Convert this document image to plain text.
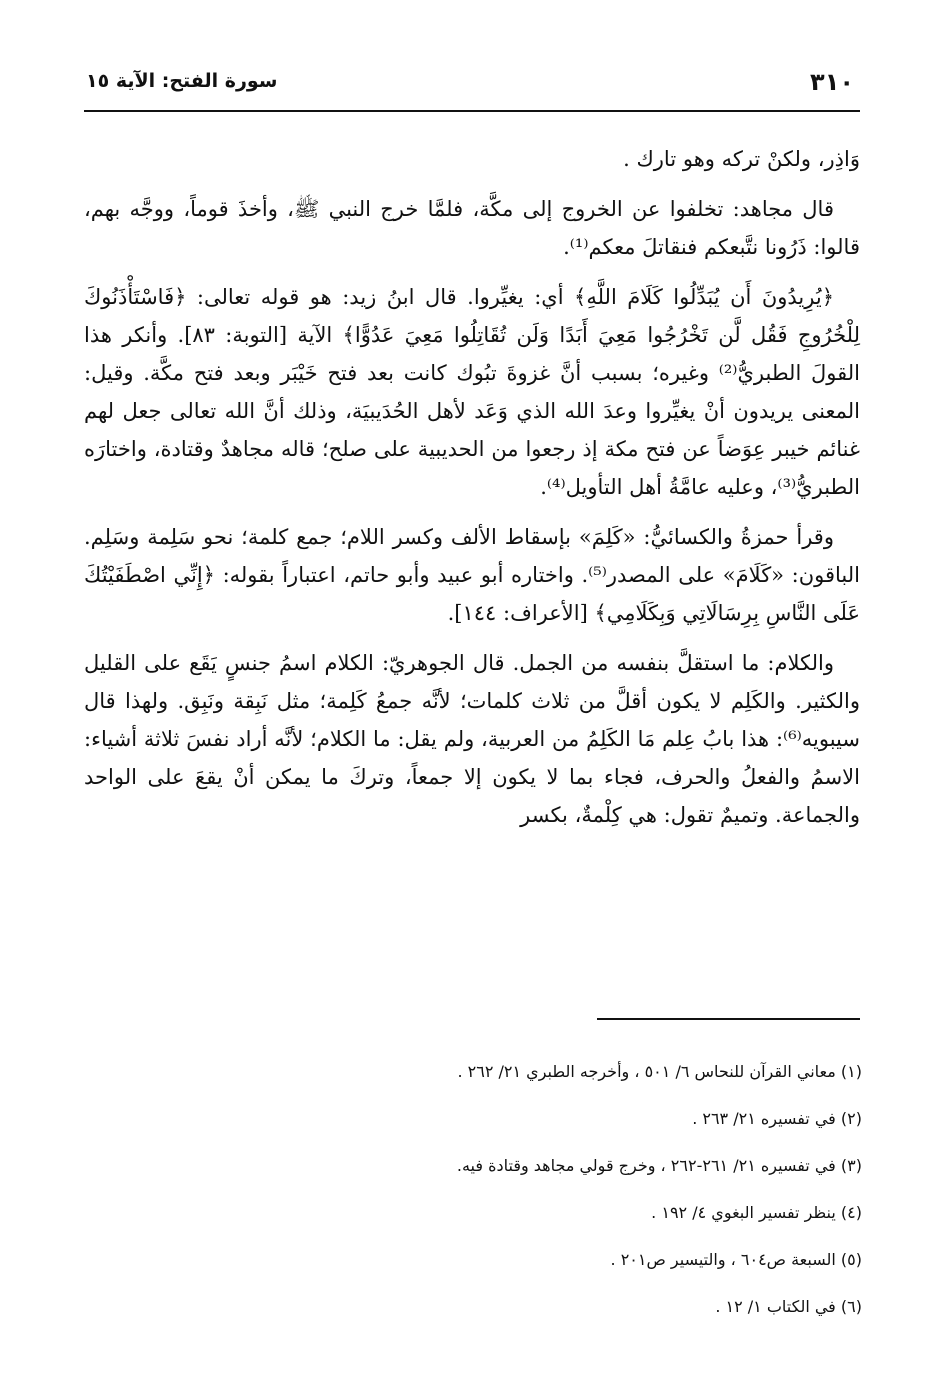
٣١٠
سورة الفتح: الآية ١٥

وَاذِر، ولكنْ تركه وهو تارك .

قال مجاهد: تخلفوا عن الخروج إلى مكَّة، فلمَّا خرج النبي ﷺ، وأخذَ قوماً، ووجَّه بهم، قالوا: ذَرُونا نتَّبعكم فنقاتلَ معكم⁽¹⁾.

﴿يُرِيدُونَ أَن يُبَدِّلُوا كَلَامَ اللَّهِ﴾ أي: يغيِّروا. قال ابنُ زيد: هو قوله تعالى: ﴿فَاسْتَأْذَنُوكَ لِلْخُرُوجِ فَقُل لَّن تَخْرُجُوا مَعِيَ أَبَدًا وَلَن تُقَاتِلُوا مَعِيَ عَدُوًّا﴾ الآية [التوبة: ٨٣]. وأنكر هذا القولَ الطبريُّ⁽²⁾ وغيره؛ بسبب أنَّ غزوةَ تبُوك كانت بعد فتح خَيْبَر وبعد فتح مكَّة. وقيل: المعنى يريدون أنْ يغيِّروا وعدَ الله الذي وَعَد لأهل الحُدَيبيَة، وذلك أنَّ الله تعالى جعل لهم غنائم خيبر عِوَضاً عن فتح مكة إذ رجعوا من الحديبية على صلح؛ قاله مجاهدٌ وقتادة، واختارَه الطبريُّ⁽³⁾، وعليه عامَّةُ أهل التأويل⁽⁴⁾.

وقرأ حمزةُ والكسائيُّ: «كَلِمَ» بإسقاط الألف وكسر اللام؛ جمع كلمة؛ نحو سَلِمة وسَلِم. الباقون: «كَلَامَ» على المصدر⁽⁵⁾. واختاره أبو عبيد وأبو حاتم، اعتباراً بقوله: ﴿إِنِّي اصْطَفَيْتُكَ عَلَى النَّاسِ بِرِسَالَاتِي وَبِكَلَامِي﴾ [الأعراف: ١٤٤].

والكلام: ما استقلَّ بنفسه من الجمل. قال الجوهريّ: الكلام اسمُ جنسٍ يَقَع على القليل والكثير. والكَلِم لا يكون أقلَّ من ثلاث كلمات؛ لأنَّه جمعُ كَلِمة؛ مثل نَبِقة ونَبِق. ولهذا قال سيبويه⁽⁶⁾: هذا بابُ عِلم مَا الكَلِمُ من العربية، ولم يقل: ما الكلام؛ لأنَّه أراد نفسَ ثلاثة أشياء: الاسمُ والفعلُ والحرف، فجاء بما لا يكون إلا جمعاً، وتركَ ما يمكن أنْ يقعَ على الواحد والجماعة. وتميمٌ تقول: هي كِلْمةٌ، بكسر

(١) معاني القرآن للنحاس ٦/ ٥٠١ ، وأخرجه الطبري ٢١/ ٢٦٢ .
(٢) في تفسيره ٢١/ ٢٦٣ .
(٣) في تفسيره ٢١/ ٢٦١-٢٦٢ ، وخرج قولي مجاهد وقتادة فيه.
(٤) ينظر تفسير البغوي ٤/ ١٩٢ .
(٥) السبعة ص٦٠٤ ، والتيسير ص٢٠١ .
(٦) في الكتاب ١/ ١٢ .
